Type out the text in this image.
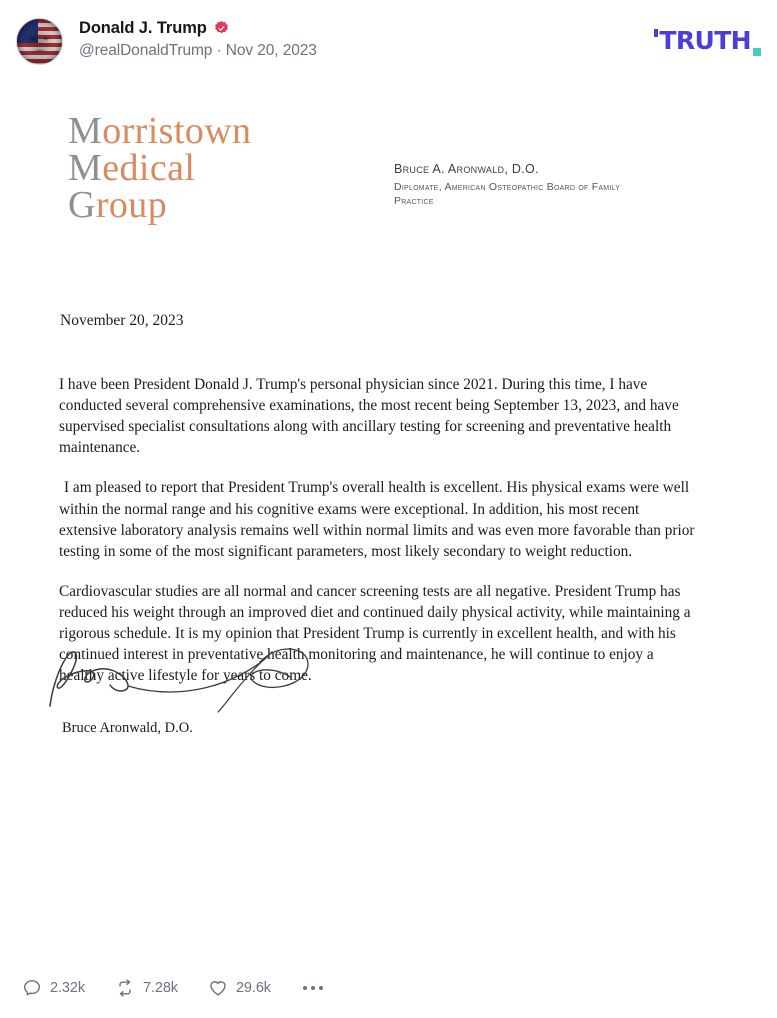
Donald J. Trump
@realDonaldTrump · Nov 20, 2023	TRUTH
Morristown
Medical
Group
Bruce A. Aronwald, D.O.
Diplomate, American Osteopathic Board of Family Practice
November 20, 2023

I have been President Donald J. Trump's personal physician since 2021. During this time, I have conducted several comprehensive examinations, the most recent being September 13, 2023, and have supervised specialist consultations along with ancillary testing for screening and preventative health maintenance.

I am pleased to report that President Trump's overall health is excellent. His physical exams were well within the normal range and his cognitive exams were exceptional. In addition, his most recent extensive laboratory analysis remains well within normal limits and was even more favorable than prior testing in some of the most significant parameters, most likely secondary to weight reduction.

Cardiovascular studies are all normal and cancer screening tests are all negative. President Trump has reduced his weight through an improved diet and continued daily physical activity, while maintaining a rigorous schedule. It is my opinion that President Trump is currently in excellent health, and with his continued interest in preventative health monitoring and maintenance, he will continue to enjoy a healthy active lifestyle for years to come.

Bruce Aronwald, D.O.
2.32k	7.28k	29.6k
